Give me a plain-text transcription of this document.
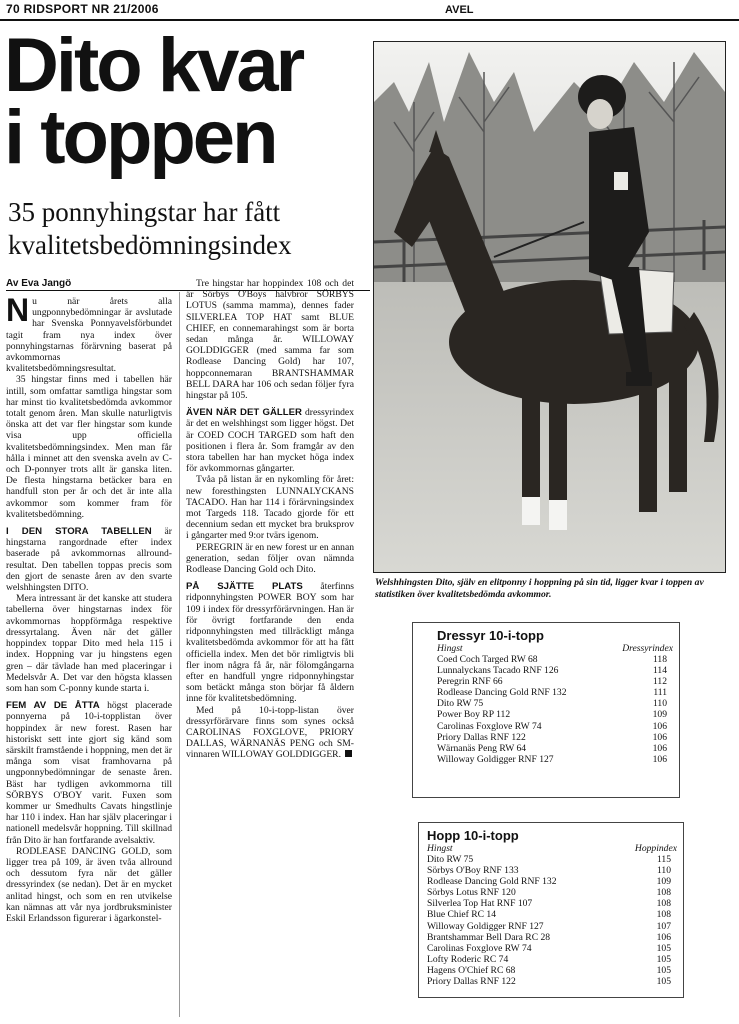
70 RIDSPORT NR 21/2006	AVEL
Dito kvar
i toppen
35 ponnyhingstar har fått kvalitetsbedömningsindex
Av Eva Jangö

Nu när årets alla ungponnybedömningar är avslutade har Svenska Ponnyavelsförbundet tagit fram nya index över ponnyhingstarnas förärvning baserat på avkommornas kvalitetsbedömningsresultat.

35 hingstar finns med i tabellen här intill, som omfattar samtliga hingstar som har minst tio kvalitetsbedömda avkommor totalt genom åren. Man skulle naturligtvis önska att det var fler hingstar som kunde visa upp officiella kvalitetsbedömningsindex. Men man får hålla i minnet att den svenska aveln av C- och D-ponnyer trots allt är ganska liten. De flesta hingstarna betäcker bara en handfull ston per år och det är inte alla avkommor som kommer fram för kvalitetsbedömning.

I DEN STORA TABELLEN är hingstarna rangordnade efter index baserade på avkommornas allround-resultat. Den tabellen toppas precis som den gjort de senaste åren av den svarte welshhingsten DITO.

Mera intressant är det kanske att studera tabellerna över hingstarnas index för avkommornas hoppförmåga respektive dressyrtalang. Även när det gäller hoppindex toppar Dito med hela 115 i index. Hoppning var ju hingstens egen gren – där tävlade han med placeringar i Medelsvår A. Det var den högsta klassen som han som C-ponny kunde starta i.

FEM AV DE ÅTTA högst placerade ponnyerna på 10-i-topplistan över hoppindex är new forest. Rasen har historiskt sett inte gjort sig känd som särskilt framstående i hoppning, men det är många som visat framhovarna på ungponnybedömningar de senaste åren. Bäst har tydligen avkommorna till SÖRBYS O'BOY varit. Fuxen som kommer ur Smedhults Cavats hingstlinje har 110 i index. Han har själv placeringar i nationell medelsvår hoppning. Till skillnad från Dito är han fortfarande avelsaktiv.

RODLEASE DANCING GOLD, som ligger trea på 109, är även tvåa allround och dessutom fyra när det gäller dressyrindex (se nedan). Det är en mycket anlitad hingst, och som en ren utvikelse kan nämnas att vår nya jordbruksminister Eskil Erlandsson figurerar i ägarkonstel-

Tre hingstar har hoppindex 108 och det är Sörbys O'Boys halvbror SÖRBYS LOTUS (samma mamma), dennes fader SILVERLEA TOP HAT samt BLUE CHIEF, en connemarahingst som är borta sedan många år. WILLOWAY GOLDDIGGER (med samma far som Rodlease Dancing Gold) har 107, hoppconnemaran BRANTSHAMMAR BELL DARA har 106 och sedan följer fyra hingstar på 105.

ÄVEN NÄR DET GÄLLER dressyrindex är det en welshhingst som ligger högst. Det är COED COCH TARGED som haft den positionen i flera år. Som framgår av den stora tabellen har han mycket höga index för avkommornas gångarter.

Tvåa på listan är en nykomling för året: new foresthingsten LUNNALYCKANS TACADO. Han har 114 i förärvningsindex mot Targeds 118. Tacado gjorde för ett decennium sedan ett mycket bra bruksprov i gångarter med 9:or tvärs igenom.

PEREGRIN är en new forest ur en annan generation, sedan följer ovan nämnda Rodlease Dancing Gold och Dito.

PÅ SJÄTTE PLATS återfinns ridponnyhingsten POWER BOY som har 109 i index för dressyrförärvningen. Han är för övrigt fortfarande den enda ridponnyhingsten med tillräckligt många kvalitetsbedömda avkommor för att ha fått officiella index. Men det bör rimligtvis bli fler inom några få år, när fölomgångarna efter en handfull yngre ridponnyhingstar som betäckt många ston börjar få åldern inne för kvalitetsbedömning.

Med på 10-i-topp-listan över dressyrförärvare finns som synes också CAROLINAS FOXGLOVE, PRIORY DALLAS, WÄRNANÄS PENG och SM-vinnaren WILLOWAY GOLDDIGGER.

Welshhingsten Dito, själv en elitponny i hoppning på sin tid, ligger kvar i toppen av statistiken över kvalitetsbedömda avkommor.
Dressyr 10-i-topp
Hingst	Dressyrindex
Coed Coch Targed RW 68	118
Lunnalyckans Tacado RNF 126	114
Peregrin RNF 66	112
Rodlease Dancing Gold RNF 132	111
Dito RW 75	110
Power Boy RP 112	109
Carolinas Foxglove RW 74	106
Priory Dallas RNF 122	106
Wärnanäs Peng RW 64	106
Willoway Goldigger RNF 127	106
Hopp 10-i-topp
Hingst	Hoppindex
Dito RW 75	115
Sörbys O'Boy RNF 133	110
Rodlease Dancing Gold RNF 132	109
Sörbys Lotus RNF 120	108
Silverlea Top Hat RNF 107	108
Blue Chief RC 14	108
Willoway Goldigger RNF 127	107
Brantshammar Bell Dara RC 28	106
Carolinas Foxglove RW 74	105
Lofty Roderic RC 74	105
Hagens O'Chief RC 68	105
Priory Dallas RNF 122	105
